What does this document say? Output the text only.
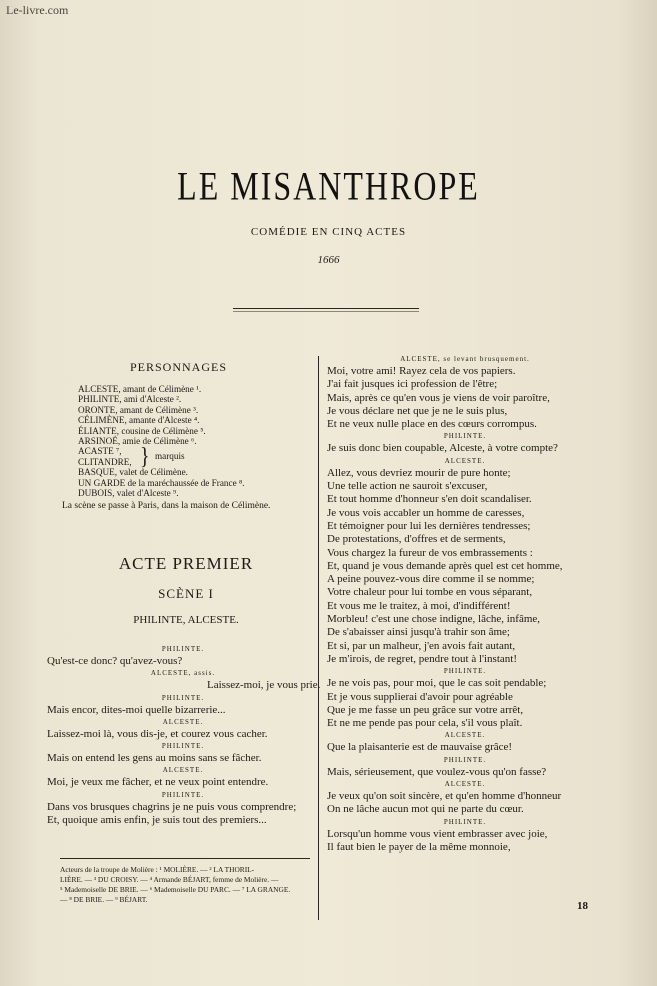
Le-livre.com
LE MISANTHROPE
COMÉDIE EN CINQ ACTES
1666
PERSONNAGES
ALCESTE, amant de Célimène ¹.
PHILINTE, ami d'Alceste ².
ORONTE, amant de Célimène ³.
CÉLIMÈNE, amante d'Alceste ⁴.
ÉLIANTE, cousine de Célimène ⁵.
ARSINOÉ, amie de Célimène ⁶.
ACASTE ⁷,
CLITANDRE,
BASQUE, valet de Célimène.
UN GARDE de la maréchaussée de France ⁸.
DUBOIS, valet d'Alceste ⁹.
} marquis
La scène se passe à Paris, dans la maison de Célimène.
ACTE PREMIER
SCÈNE I
PHILINTE, ALCESTE.
PHILINTE.
Qu'est-ce donc? qu'avez-vous?
ALCESTE, assis.
Laissez-moi, je vous prie.
PHILINTE.
Mais encor, dites-moi quelle bizarrerie...
ALCESTE.
Laissez-moi là, vous dis-je, et courez vous cacher.
PHILINTE.
Mais on entend les gens au moins sans se fâcher.
ALCESTE.
Moi, je veux me fâcher, et ne veux point entendre.
PHILINTE.
Dans vos brusques chagrins je ne puis vous comprendre;
Et, quoique amis enfin, je suis tout des premiers...
Acteurs de la troupe de Molière : ¹ MOLIÈRE. — ² LA THORIL-
LIÈRE. — ³ DU CROISY. — ⁴ Armande BÉJART, femme de Molière. —
⁵ Mademoiselle DE BRIE. — ⁶ Mademoiselle DU PARC. — ⁷ LA GRANGE.
— ⁸ DE BRIE. — ⁹ BÉJART.
ALCESTE, se levant brusquement.
Moi, votre ami! Rayez cela de vos papiers.
J'ai fait jusques ici profession de l'être;
Mais, après ce qu'en vous je viens de voir paroître,
Je vous déclare net que je ne le suis plus,
Et ne veux nulle place en des cœurs corrompus.
PHILINTE.
Je suis donc bien coupable, Alceste, à votre compte?
ALCESTE.
Allez, vous devriez mourir de pure honte;
Une telle action ne sauroit s'excuser,
Et tout homme d'honneur s'en doit scandaliser.
Je vous vois accabler un homme de caresses,
Et témoigner pour lui les dernières tendresses;
De protestations, d'offres et de serments,
Vous chargez la fureur de vos embrassements :
Et, quand je vous demande après quel est cet homme,
A peine pouvez-vous dire comme il se nomme;
Votre chaleur pour lui tombe en vous séparant,
Et vous me le traitez, à moi, d'indifférent!
Morbleu! c'est une chose indigne, lâche, infâme,
De s'abaisser ainsi jusqu'à trahir son âme;
Et si, par un malheur, j'en avois fait autant,
Je m'irois, de regret, pendre tout à l'instant!
PHILINTE.
Je ne vois pas, pour moi, que le cas soit pendable;
Et je vous supplierai d'avoir pour agréable
Que je me fasse un peu grâce sur votre arrêt,
Et ne me pende pas pour cela, s'il vous plaît.
ALCESTE.
Que la plaisanterie est de mauvaise grâce!
PHILINTE.
Mais, sérieusement, que voulez-vous qu'on fasse?
ALCESTE.
Je veux qu'on soit sincère, et qu'en homme d'honneur
On ne lâche aucun mot qui ne parte du cœur.
PHILINTE.
Lorsqu'un homme vous vient embrasser avec joie,
Il faut bien le payer de la même monnoie,
18
